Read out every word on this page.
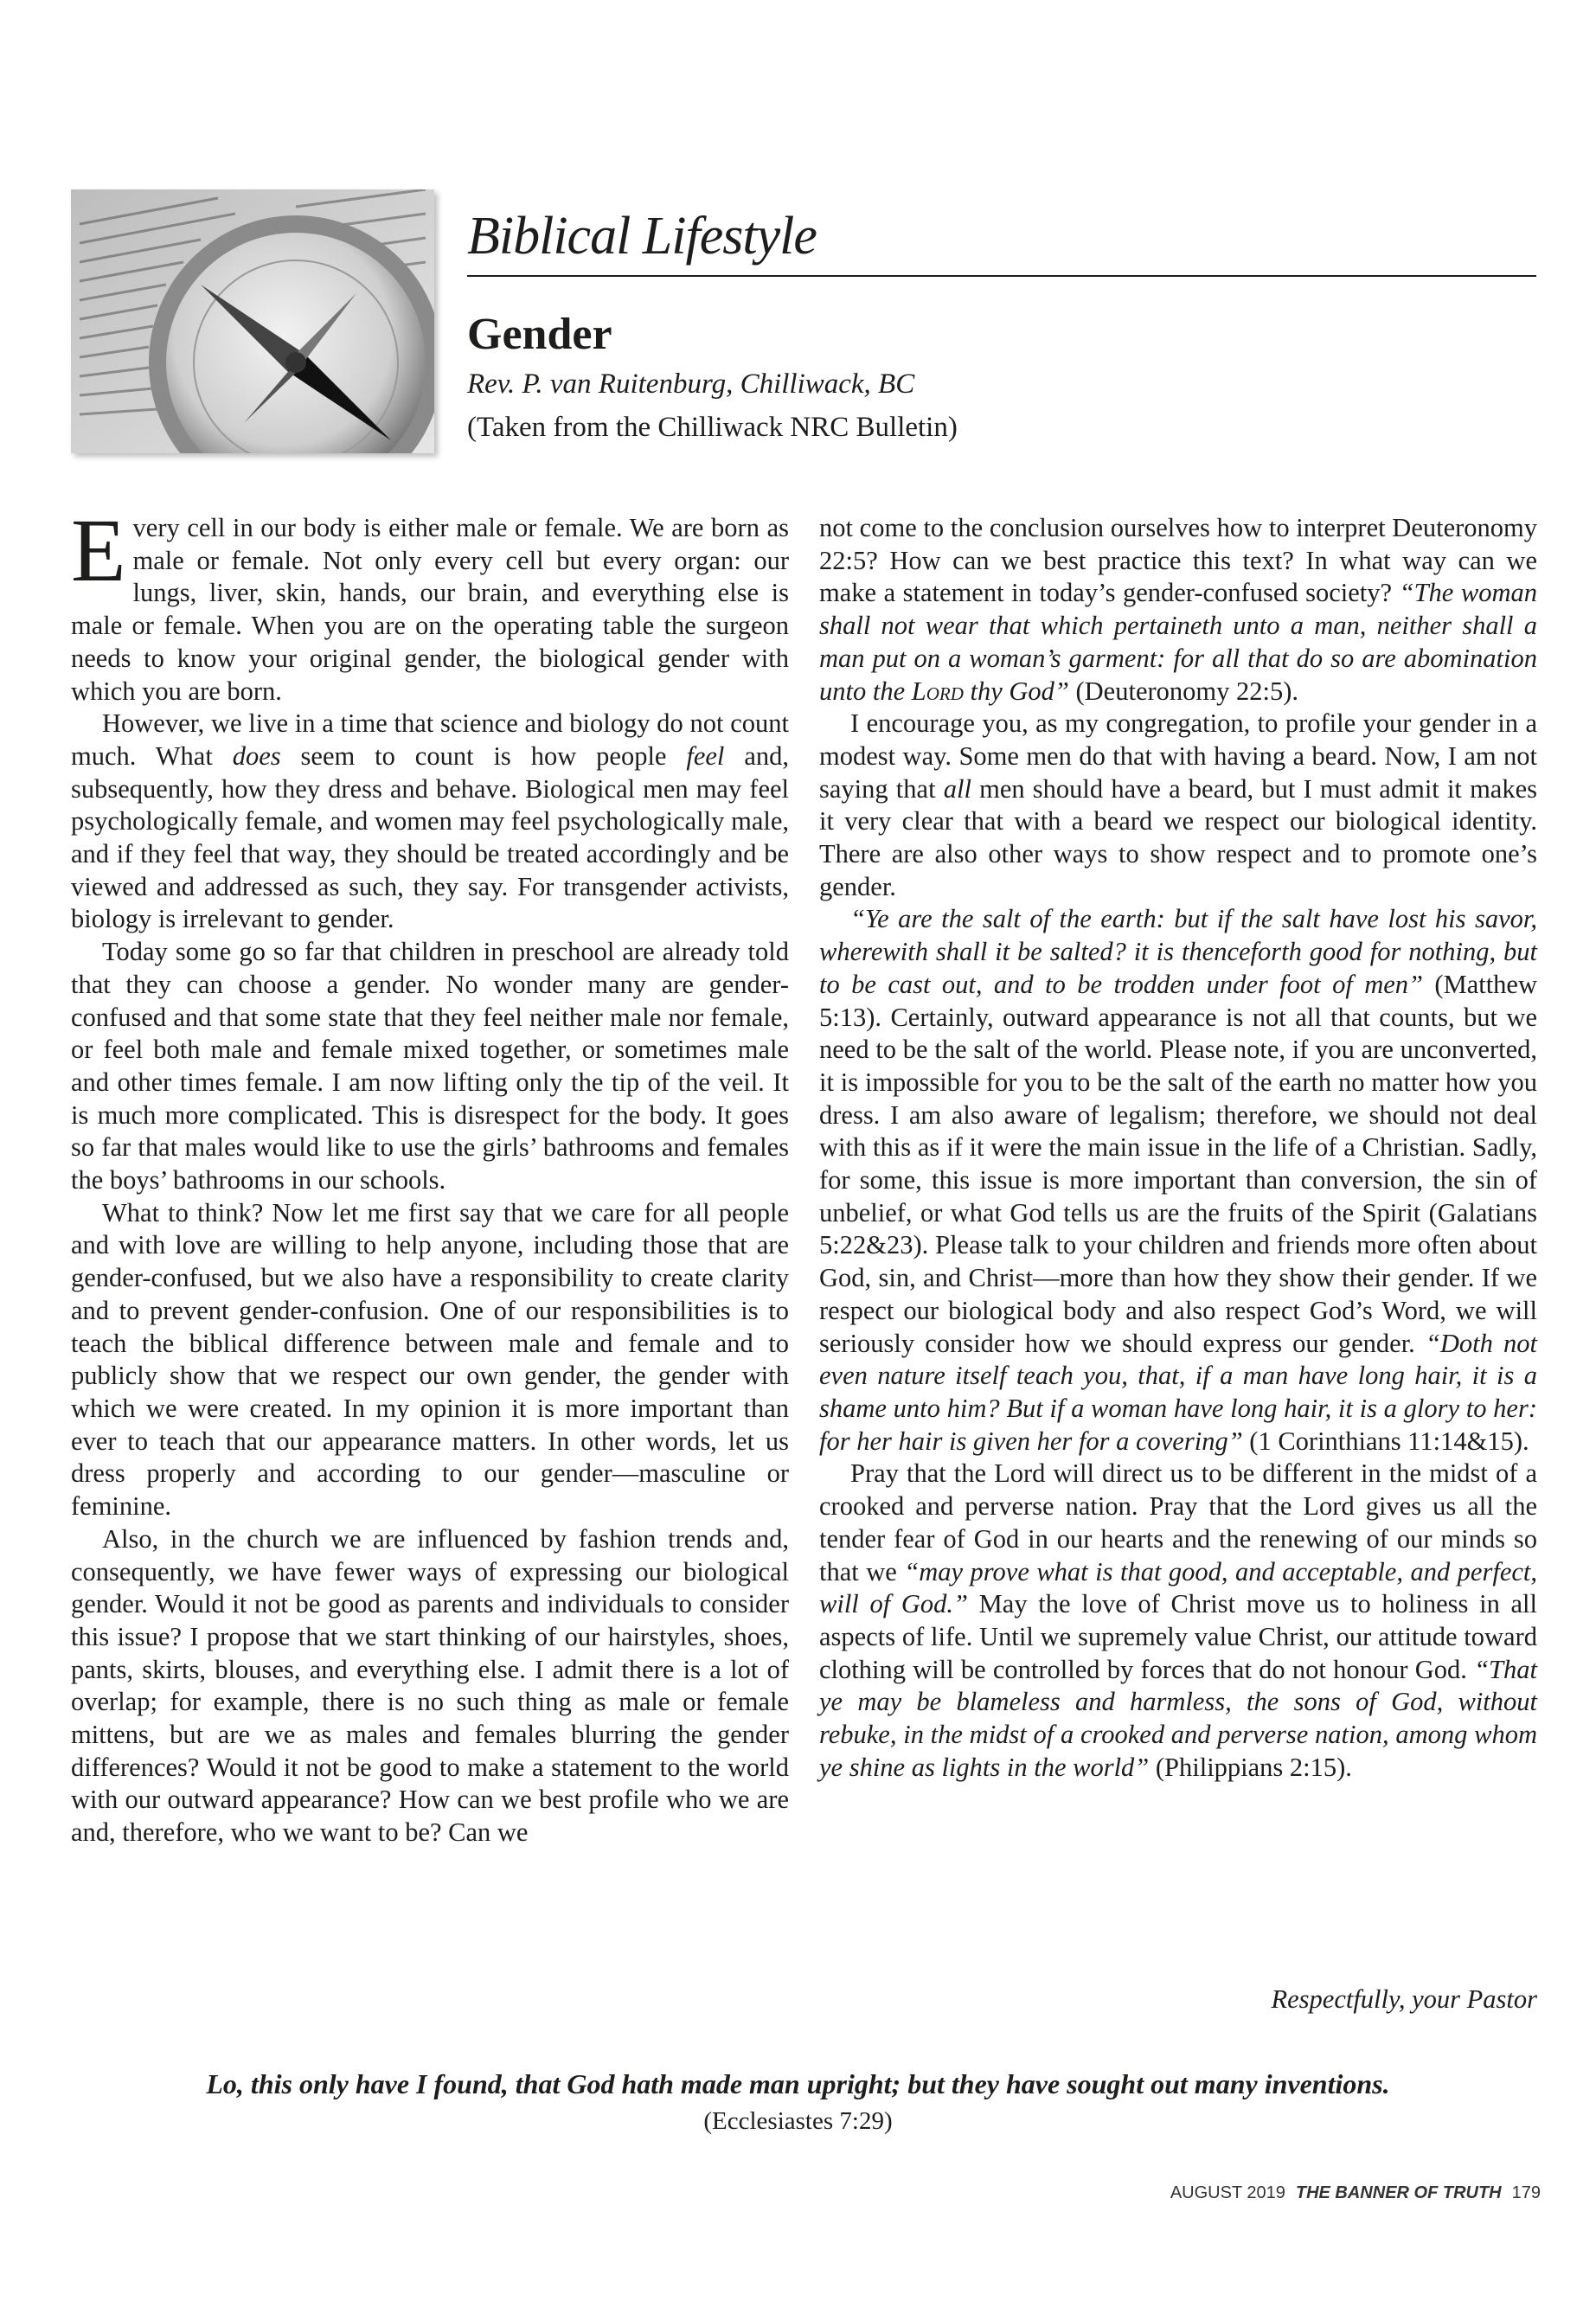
Biblical Lifestyle
Gender
Rev. P. van Ruitenburg, Chilliwack, BC
(Taken from the Chilliwack NRC Bulletin)

Every cell in our body is either male or female. We are born as male or female. Not only every cell but every organ: our lungs, liver, skin, hands, our brain, and everything else is male or female. When you are on the operating table the surgeon needs to know your original gender, the biological gender with which you are born.

However, we live in a time that science and biology do not count much. What does seem to count is how people feel and, subsequently, how they dress and behave. Biological men may feel psychologically female, and women may feel psychologically male, and if they feel that way, they should be treated accordingly and be viewed and addressed as such, they say. For transgender activists, biology is irrelevant to gender.

Today some go so far that children in preschool are already told that they can choose a gender. No wonder many are gender-confused and that some state that they feel neither male nor female, or feel both male and female mixed together, or sometimes male and other times female. I am now lifting only the tip of the veil. It is much more complicated. This is disrespect for the body. It goes so far that males would like to use the girls’ bathrooms and females the boys’ bathrooms in our schools.

What to think? Now let me first say that we care for all people and with love are willing to help anyone, including those that are gender-confused, but we also have a responsibility to create clarity and to prevent gender-confusion. One of our responsibilities is to teach the biblical difference between male and female and to publicly show that we respect our own gender, the gender with which we were created. In my opinion it is more important than ever to teach that our appearance matters. In other words, let us dress properly and according to our gender—masculine or feminine.

Also, in the church we are influenced by fashion trends and, consequently, we have fewer ways of expressing our biological gender. Would it not be good as parents and individuals to consider this issue? I propose that we start thinking of our hairstyles, shoes, pants, skirts, blouses, and everything else. I admit there is a lot of overlap; for example, there is no such thing as male or female mittens, but are we as males and females blurring the gender differences? Would it not be good to make a statement to the world with our outward appearance? How can we best profile who we are and, therefore, who we want to be? Can we

not come to the conclusion ourselves how to interpret Deuteronomy 22:5? How can we best practice this text? In what way can we make a statement in today’s gender-confused society? “The woman shall not wear that which pertaineth unto a man, neither shall a man put on a woman’s garment: for all that do so are abomination unto the Lord thy God” (Deuteronomy 22:5).

I encourage you, as my congregation, to profile your gender in a modest way. Some men do that with having a beard. Now, I am not saying that all men should have a beard, but I must admit it makes it very clear that with a beard we respect our biological identity. There are also other ways to show respect and to promote one’s gender.

“Ye are the salt of the earth: but if the salt have lost his savor, wherewith shall it be salted? it is thenceforth good for nothing, but to be cast out, and to be trodden under foot of men” (Matthew 5:13). Certainly, outward appearance is not all that counts, but we need to be the salt of the world. Please note, if you are unconverted, it is impossible for you to be the salt of the earth no matter how you dress. I am also aware of legalism; therefore, we should not deal with this as if it were the main issue in the life of a Christian. Sadly, for some, this issue is more important than conversion, the sin of unbelief, or what God tells us are the fruits of the Spirit (Galatians 5:22&23). Please talk to your children and friends more often about God, sin, and Christ—more than how they show their gender. If we respect our biological body and also respect God’s Word, we will seriously consider how we should express our gender. “Doth not even nature itself teach you, that, if a man have long hair, it is a shame unto him? But if a woman have long hair, it is a glory to her: for her hair is given her for a covering” (1 Corinthians 11:14&15).

Pray that the Lord will direct us to be different in the midst of a crooked and perverse nation. Pray that the Lord gives us all the tender fear of God in our hearts and the renewing of our minds so that we “may prove what is that good, and acceptable, and perfect, will of God.” May the love of Christ move us to holiness in all aspects of life. Until we supremely value Christ, our attitude toward clothing will be controlled by forces that do not honour God. “That ye may be blameless and harmless, the sons of God, without rebuke, in the midst of a crooked and perverse nation, among whom ye shine as lights in the world” (Philippians 2:15).

Respectfully, your Pastor
Lo, this only have I found, that God hath made man upright; but they have sought out many inventions.
(Ecclesiastes 7:29)
AUGUST 2019 THE BANNER OF TRUTH 179
